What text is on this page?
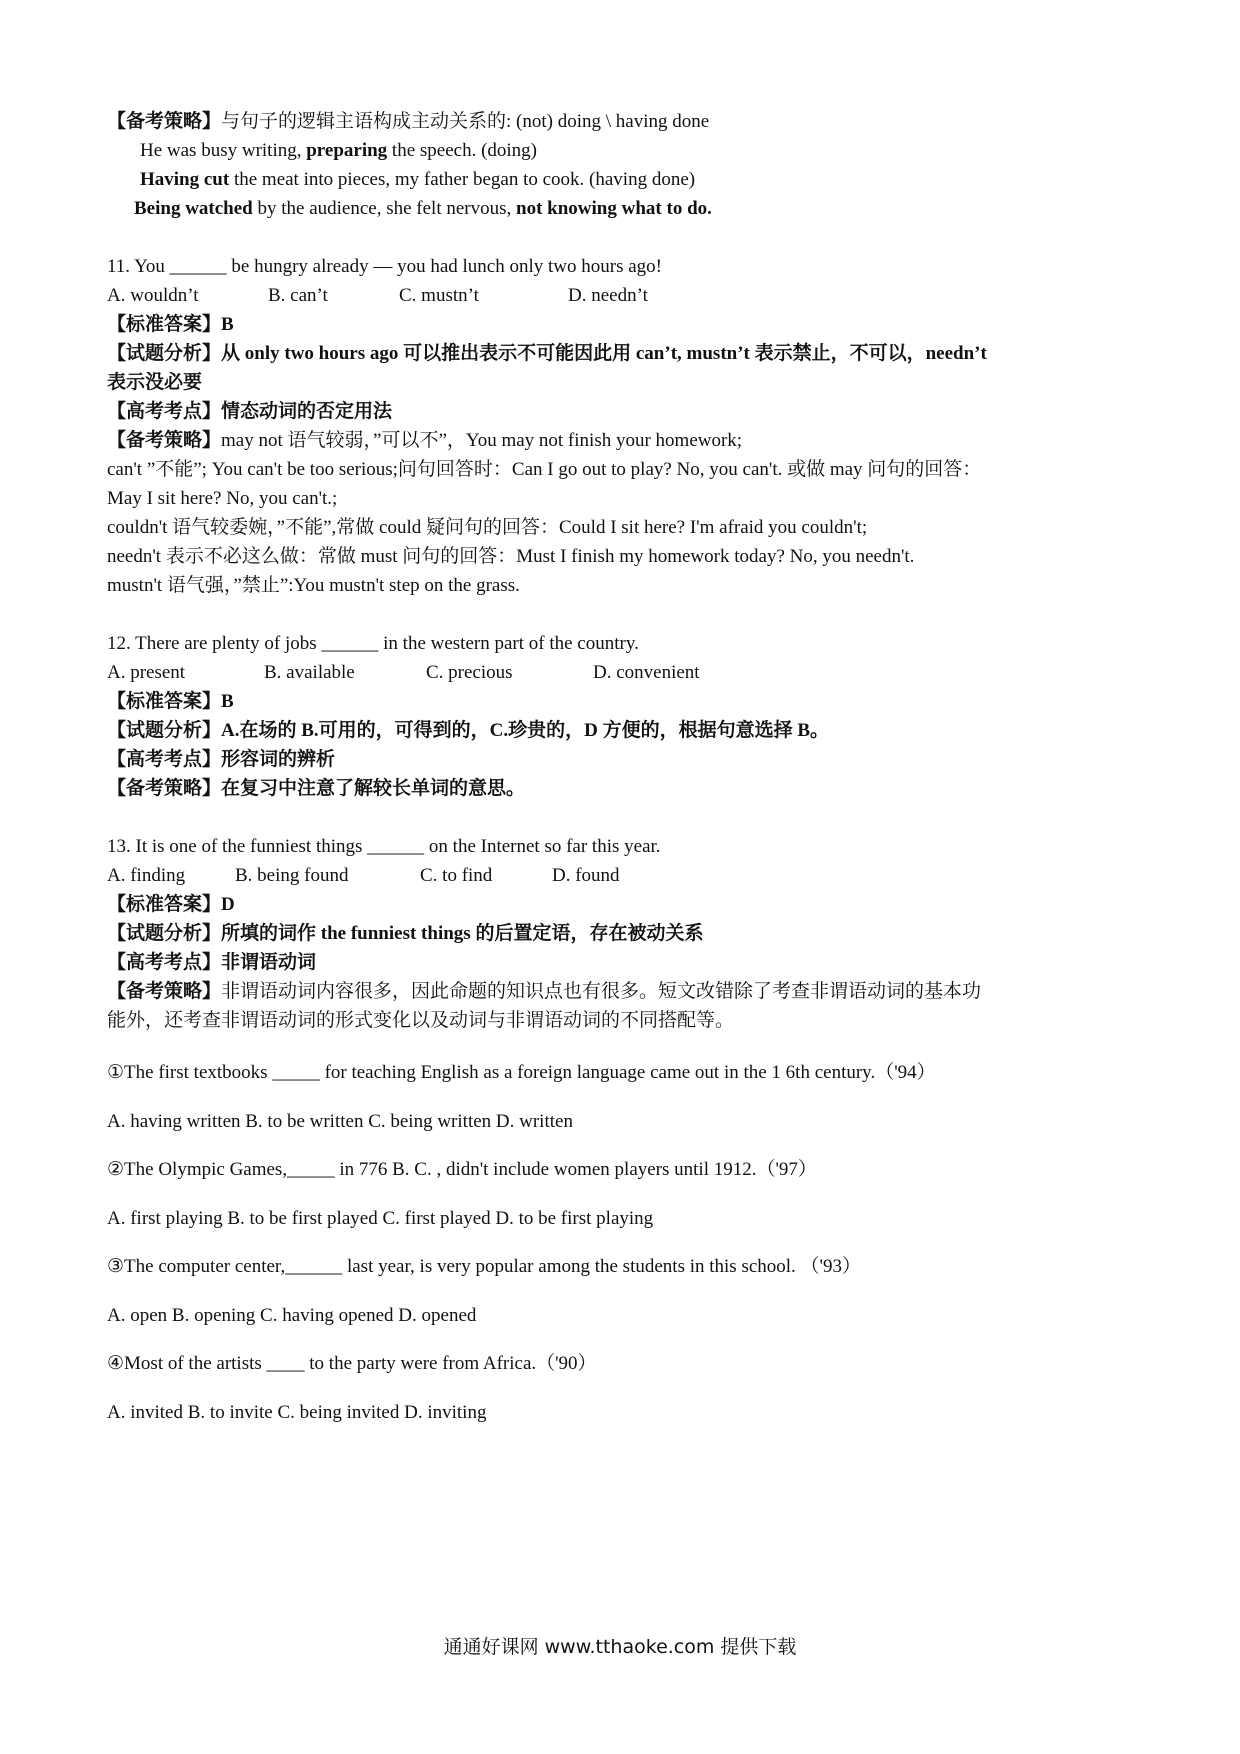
【备考策略】与句子的逻辑主语构成主动关系的: (not) doing \ having done
He was busy writing, preparing the speech. (doing)
Having cut the meat into pieces, my father began to cook. (having done)
Being watched by the audience, she felt nervous, not knowing what to do.
11. You ______ be hungry already — you had lunch only two hours ago!
A. wouldn’t	B. can’t	C. mustn’t	D. needn’t
【标准答案】B
【试题分析】从 only two hours ago 可以推出表示不可能因此用 can’t, mustn’t 表示禁止，不可以，needn’t
表示没必要
【高考考点】情态动词的否定用法
【备考策略】may not 语气较弱，”可以不”，You may not finish your homework;
can't ”不能”; You can't be too serious;问句回答时：Can I go out to play? No, you can't. 或做 may 问句的回答：
May I sit here? No, you can't.;
couldn't 语气较委婉，”不能”,常做 could 疑问句的回答：Could I sit here? I'm afraid you couldn't;
needn't 表示不必这么做：常做 must 问句的回答：Must I finish my homework today? No, you needn't.
mustn't 语气强，”禁止”:You mustn't step on the grass.
12. There are plenty of jobs ______ in the western part of the country.
A. present	B. available	C. precious	D. convenient
【标准答案】B
【试题分析】A.在场的 B.可用的，可得到的，C.珍贵的，D 方便的，根据句意选择 B。
【高考考点】形容词的辨析
【备考策略】在复习中注意了解较长单词的意思。
13. It is one of the funniest things ______ on the Internet so far this year.
A. finding	B. being found	C. to find	D. found
【标准答案】D
【试题分析】所填的词作 the funniest things 的后置定语，存在被动关系
【高考考点】非谓语动词
【备考策略】非谓语动词内容很多，因此命题的知识点也有很多。短文改错除了考查非谓语动词的基本功
能外，还考查非谓语动词的形式变化以及动词与非谓语动词的不同搭配等。
①The first textbooks _____ for teaching English as a foreign language came out in the 1 6th century.（'94）
A. having written B. to be written C. being written D. written
②The Olympic Games,_____ in 776 B. C. , didn't include women players until 1912.（'97）
A. first playing B. to be first played C. first played D. to be first playing
③The computer center,______ last year, is very popular among the students in this school. （'93）
A. open B. opening C. having opened D. opened
④Most of the artists ____ to the party were from Africa.（'90）
A. invited B. to invite C. being invited D. inviting
通通好课网 www.tthaoke.com 提供下载
